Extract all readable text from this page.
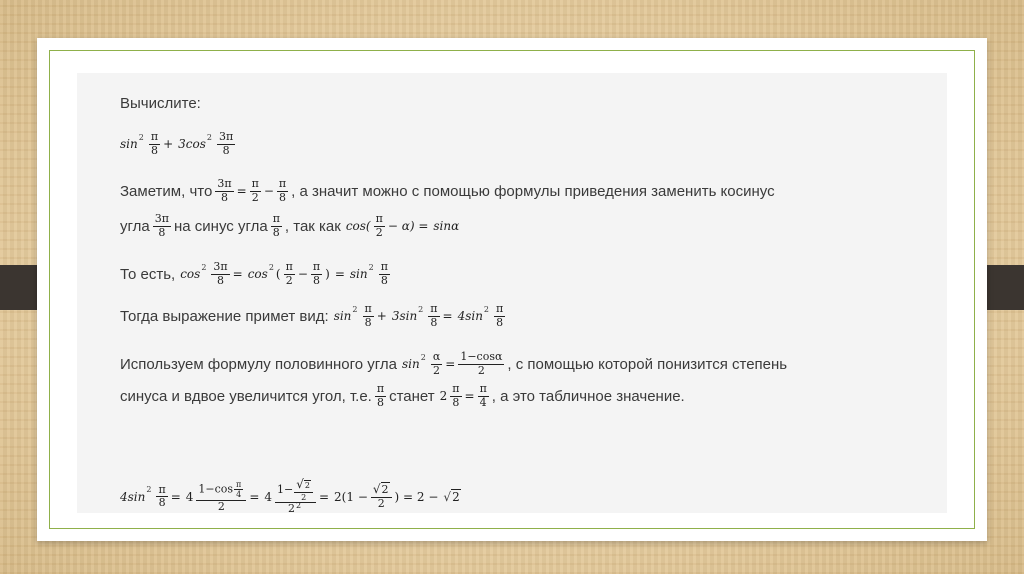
Вычислите:
$\sin 2 \frac{\pi}{8} + 3\cos$ $2 \frac{3\pi}{8}$
Заметим, что $\frac{3\pi}{8} = \frac{\pi}{2} - \frac{\pi}{8}$ , а значит можно с помощью формулы приведения заменить косинус
угла $\frac{3\pi}{8}$ на синус угла $\frac{\pi}{8}$ , так как $\cos( \frac{\pi}{2} - \alpha) = \sin\alpha$
То есть, $\cos 2 \frac{3\pi}{8} = \cos 2$ ( $\frac{\pi}{2} - \frac{\pi}{8}$ ) = $\sin 2 \frac{\pi}{8}$
Тогда выражение примет вид: $\sin 2 \frac{\pi}{8} + 3\sin$ $2 \frac{\pi}{8} = 4\sin$ $2 \frac{\pi}{8}$
Используем формулу половинного угла $\sin 2 \frac{\alpha}{2} = \frac{1-\cos\alpha}{2}$ , с помощью которой понизится степень
синуса и вдвое увеличится угол, т.е. $\frac{\pi}{8}$ станет $2 \frac{\pi}{8} = \frac{\pi}{4}$ , а это табличное значение.
4sin $2 \frac{\pi}{8} = 4 \frac{1-\cos \frac{\pi}{4}}{2} = 4 \frac{1- \frac{√2}{2}}{2^2} = 2(1 - \frac{√2}{2}$ ) = 2 − √ 2
